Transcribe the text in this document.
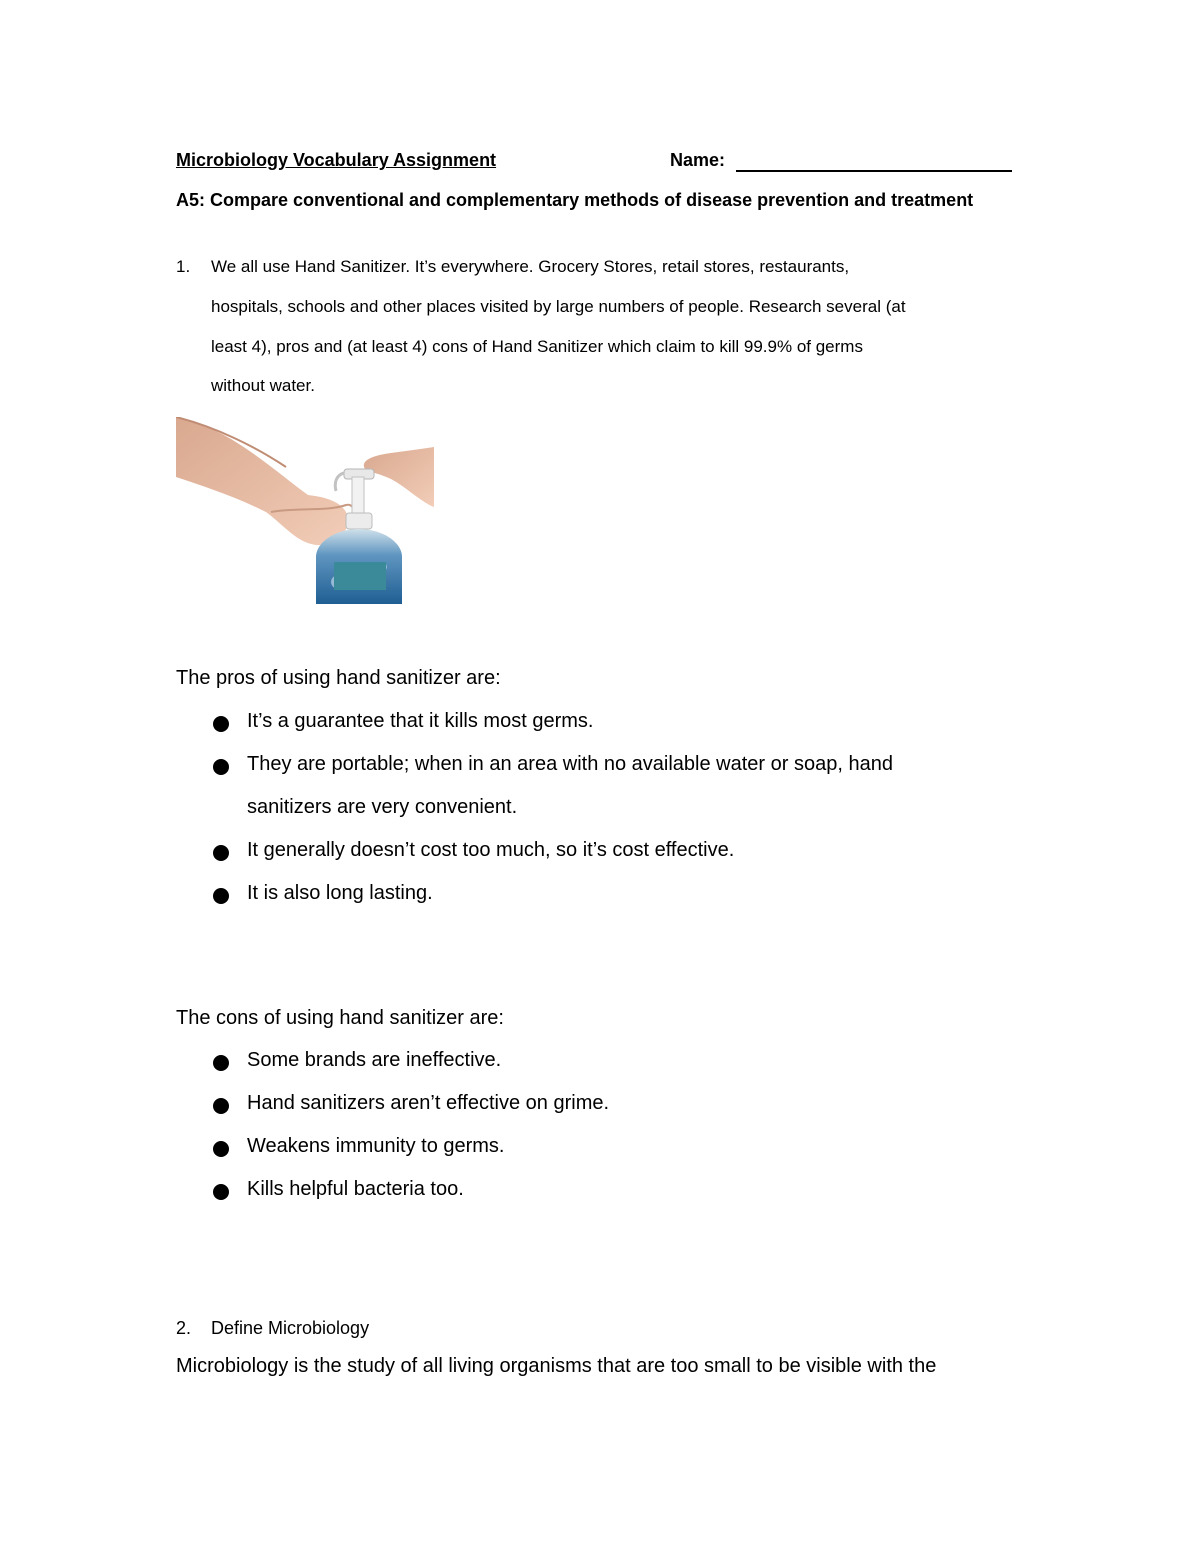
Microbiology Vocabulary Assignment	Name:
A5: Compare conventional and complementary methods of disease prevention and treatment
1. We all use Hand Sanitizer. It’s everywhere. Grocery Stores, retail stores, restaurants,
hospitals, schools and other places visited by large numbers of people. Research several (at
least 4), pros and (at least 4) cons of Hand Sanitizer which claim to kill 99.9% of germs
without water.
The pros of using hand sanitizer are:
It’s a guarantee that it kills most germs.
They are portable; when in an area with no available water or soap, hand
sanitizers are very convenient.
It generally doesn’t cost too much, so it’s cost effective.
It is also long lasting.
The cons of using hand sanitizer are:
Some brands are ineffective.
Hand sanitizers aren’t effective on grime.
Weakens immunity to germs.
Kills helpful bacteria too.
2. Define Microbiology
Microbiology is the study of all living organisms that are too small to be visible with the
